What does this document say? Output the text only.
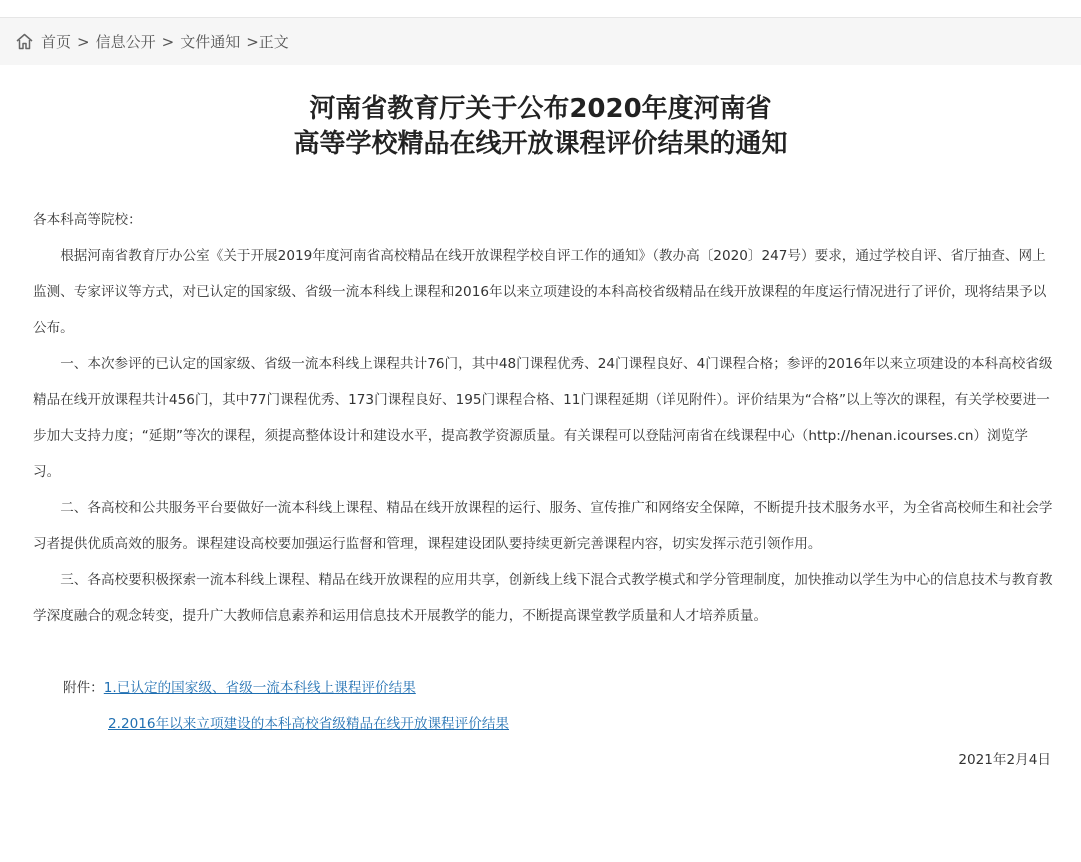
首页 > 信息公开 > 文件通知 >正文
河南省教育厅关于公布2020年度河南省
高等学校精品在线开放课程评价结果的通知

各本科高等院校：

根据河南省教育厅办公室《关于开展2019年度河南省高校精品在线开放课程学校自评工作的通知》（教办高〔2020〕247号）要求，通过学校自评、省厅抽查、网上监测、专家评议等方式，对已认定的国家级、省级一流本科线上课程和2016年以来立项建设的本科高校省级精品在线开放课程的年度运行情况进行了评价，现将结果予以公布。

一、本次参评的已认定的国家级、省级一流本科线上课程共计76门，其中48门课程优秀、24门课程良好、4门课程合格；参评的2016年以来立项建设的本科高校省级精品在线开放课程共计456门，其中77门课程优秀、173门课程良好、195门课程合格、11门课程延期（详见附件）。评价结果为“合格”以上等次的课程，有关学校要进一步加大支持力度；“延期”等次的课程，须提高整体设计和建设水平，提高教学资源质量。有关课程可以登陆河南省在线课程中心（http://henan.icourses.cn）浏览学习。

二、各高校和公共服务平台要做好一流本科线上课程、精品在线开放课程的运行、服务、宣传推广和网络安全保障，不断提升技术服务水平，为全省高校师生和社会学习者提供优质高效的服务。课程建设高校要加强运行监督和管理，课程建设团队要持续更新完善课程内容，切实发挥示范引领作用。

三、各高校要积极探索一流本科线上课程、精品在线开放课程的应用共享，创新线上线下混合式教学模式和学分管理制度，加快推动以学生为中心的信息技术与教育教学深度融合的观念转变，提升广大教师信息素养和运用信息技术开展教学的能力，不断提高课堂教学质量和人才培养质量。

附件：1.已认定的国家级、省级一流本科线上课程评价结果
2.2016年以来立项建设的本科高校省级精品在线开放课程评价结果
2021年2月4日
